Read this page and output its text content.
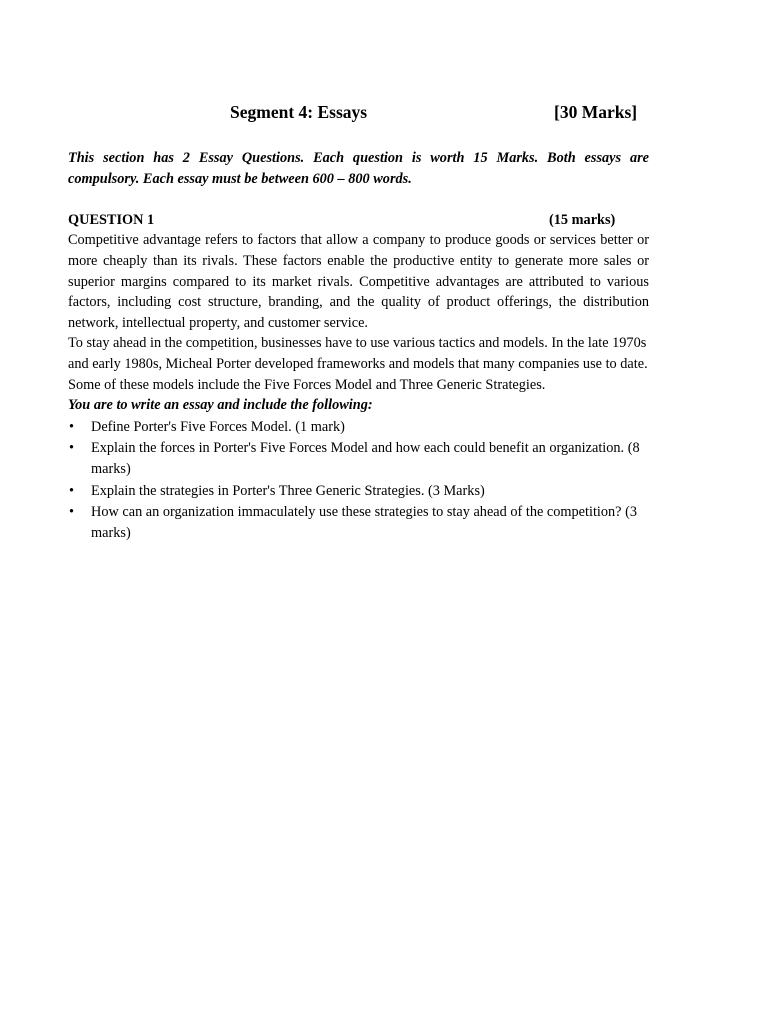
Segment 4: Essays	[30 Marks]

This section has 2 Essay Questions. Each question is worth 15 Marks. Both essays are compulsory. Each essay must be between 600 – 800 words.

QUESTION 1	(15 marks)

Competitive advantage refers to factors that allow a company to produce goods or services better or more cheaply than its rivals. These factors enable the productive entity to generate more sales or superior margins compared to its market rivals. Competitive advantages are attributed to various factors, including cost structure, branding, and the quality of product offerings, the distribution network, intellectual property, and customer service.

To stay ahead in the competition, businesses have to use various tactics and models. In the late 1970s and early 1980s, Micheal Porter developed frameworks and models that many companies use to date. Some of these models include the Five Forces Model and Three Generic Strategies.

You are to write an essay and include the following:

• Define Porter's Five Forces Model. (1 mark)
• Explain the forces in Porter's Five Forces Model and how each could benefit an organization. (8 marks)
• Explain the strategies in Porter's Three Generic Strategies. (3 Marks)
• How can an organization immaculately use these strategies to stay ahead of the competition? (3 marks)
